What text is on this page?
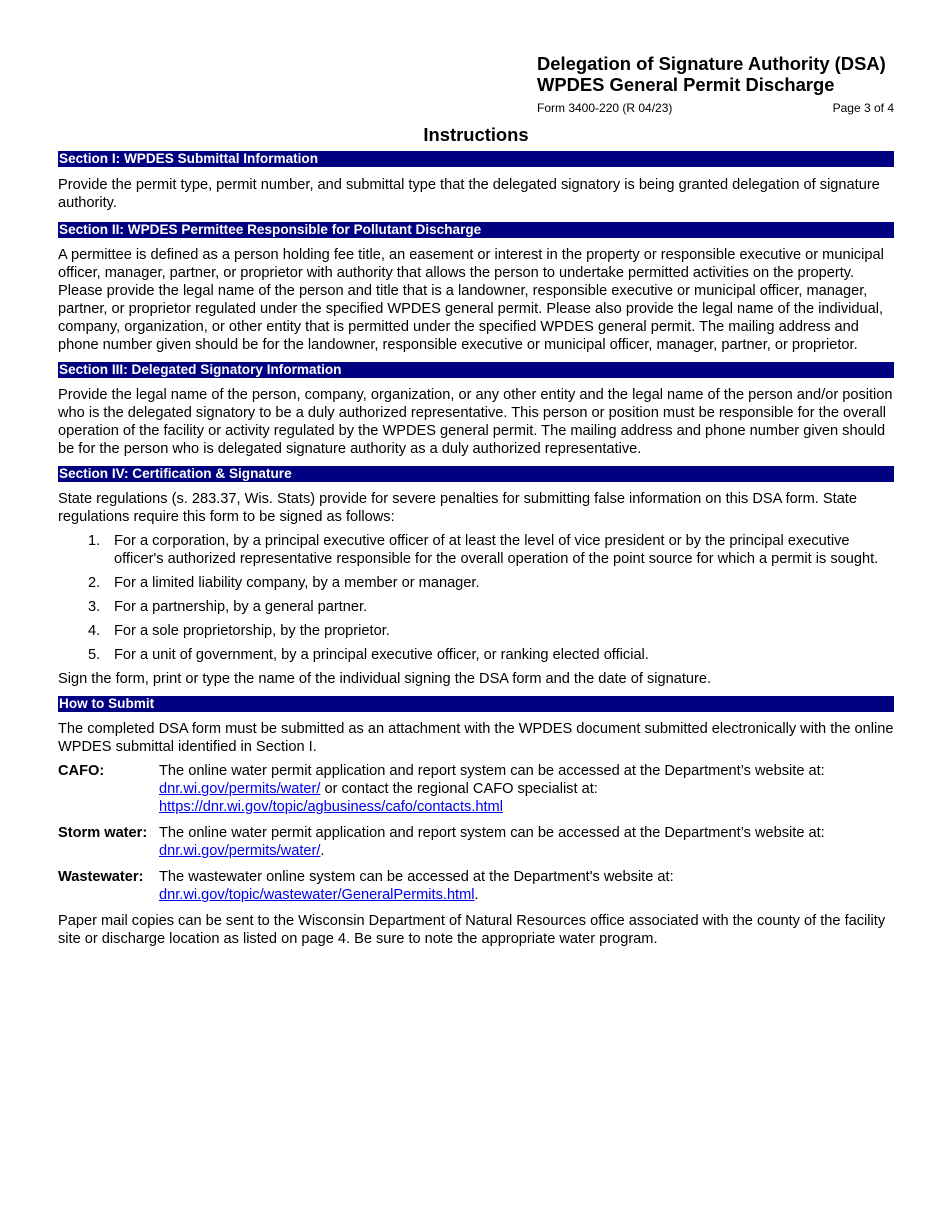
Delegation of Signature Authority (DSA)
WPDES General Permit Discharge
Form 3400-220 (R 04/23)	Page 3 of 4
Instructions
Section I: WPDES Submittal Information

Provide the permit type, permit number, and submittal type that the delegated signatory is being granted delegation of signature authority.

Section II: WPDES Permittee Responsible for Pollutant Discharge

A permittee is defined as a person holding fee title, an easement or interest in the property or responsible executive or municipal officer, manager, partner, or proprietor with authority that allows the person to undertake permitted activities on the property. Please provide the legal name of the person and title that is a landowner, responsible executive or municipal officer, manager, partner, or proprietor regulated under the specified WPDES general permit. Please also provide the legal name of the individual, company, organization, or other entity that is permitted under the specified WPDES general permit. The mailing address and phone number given should be for the landowner, responsible executive or municipal officer, manager, partner, or proprietor.

Section III: Delegated Signatory Information

Provide the legal name of the person, company, organization, or any other entity and the legal name of the person and/or position who is the delegated signatory to be a duly authorized representative. This person or position must be responsible for the overall operation of the facility or activity regulated by the WPDES general permit. The mailing address and phone number given should be for the person who is delegated signature authority as a duly authorized representative.

Section IV: Certification & Signature

State regulations (s. 283.37, Wis. Stats) provide for severe penalties for submitting false information on this DSA form. State regulations require this form to be signed as follows:

1. For a corporation, by a principal executive officer of at least the level of vice president or by the principal executive officer's authorized representative responsible for the overall operation of the point source for which a permit is sought.
2. For a limited liability company, by a member or manager.
3. For a partnership, by a general partner.
4. For a sole proprietorship, by the proprietor.
5. For a unit of government, by a principal executive officer, or ranking elected official.

Sign the form, print or type the name of the individual signing the DSA form and the date of signature.

How to Submit

The completed DSA form must be submitted as an attachment with the WPDES document submitted electronically with the online WPDES submittal identified in Section I.

CAFO:	The online water permit application and report system can be accessed at the Department’s website at:
dnr.wi.gov/permits/water/ or contact the regional CAFO specialist at:
https://dnr.wi.gov/topic/agbusiness/cafo/contacts.html
Storm water: The online water permit application and report system can be accessed at the Department’s website at:
dnr.wi.gov/permits/water/.
Wastewater:	The wastewater online system can be accessed at the Department's website at:
dnr.wi.gov/topic/wastewater/GeneralPermits.html.

Paper mail copies can be sent to the Wisconsin Department of Natural Resources office associated with the county of the facility site or discharge location as listed on page 4. Be sure to note the appropriate water program.
